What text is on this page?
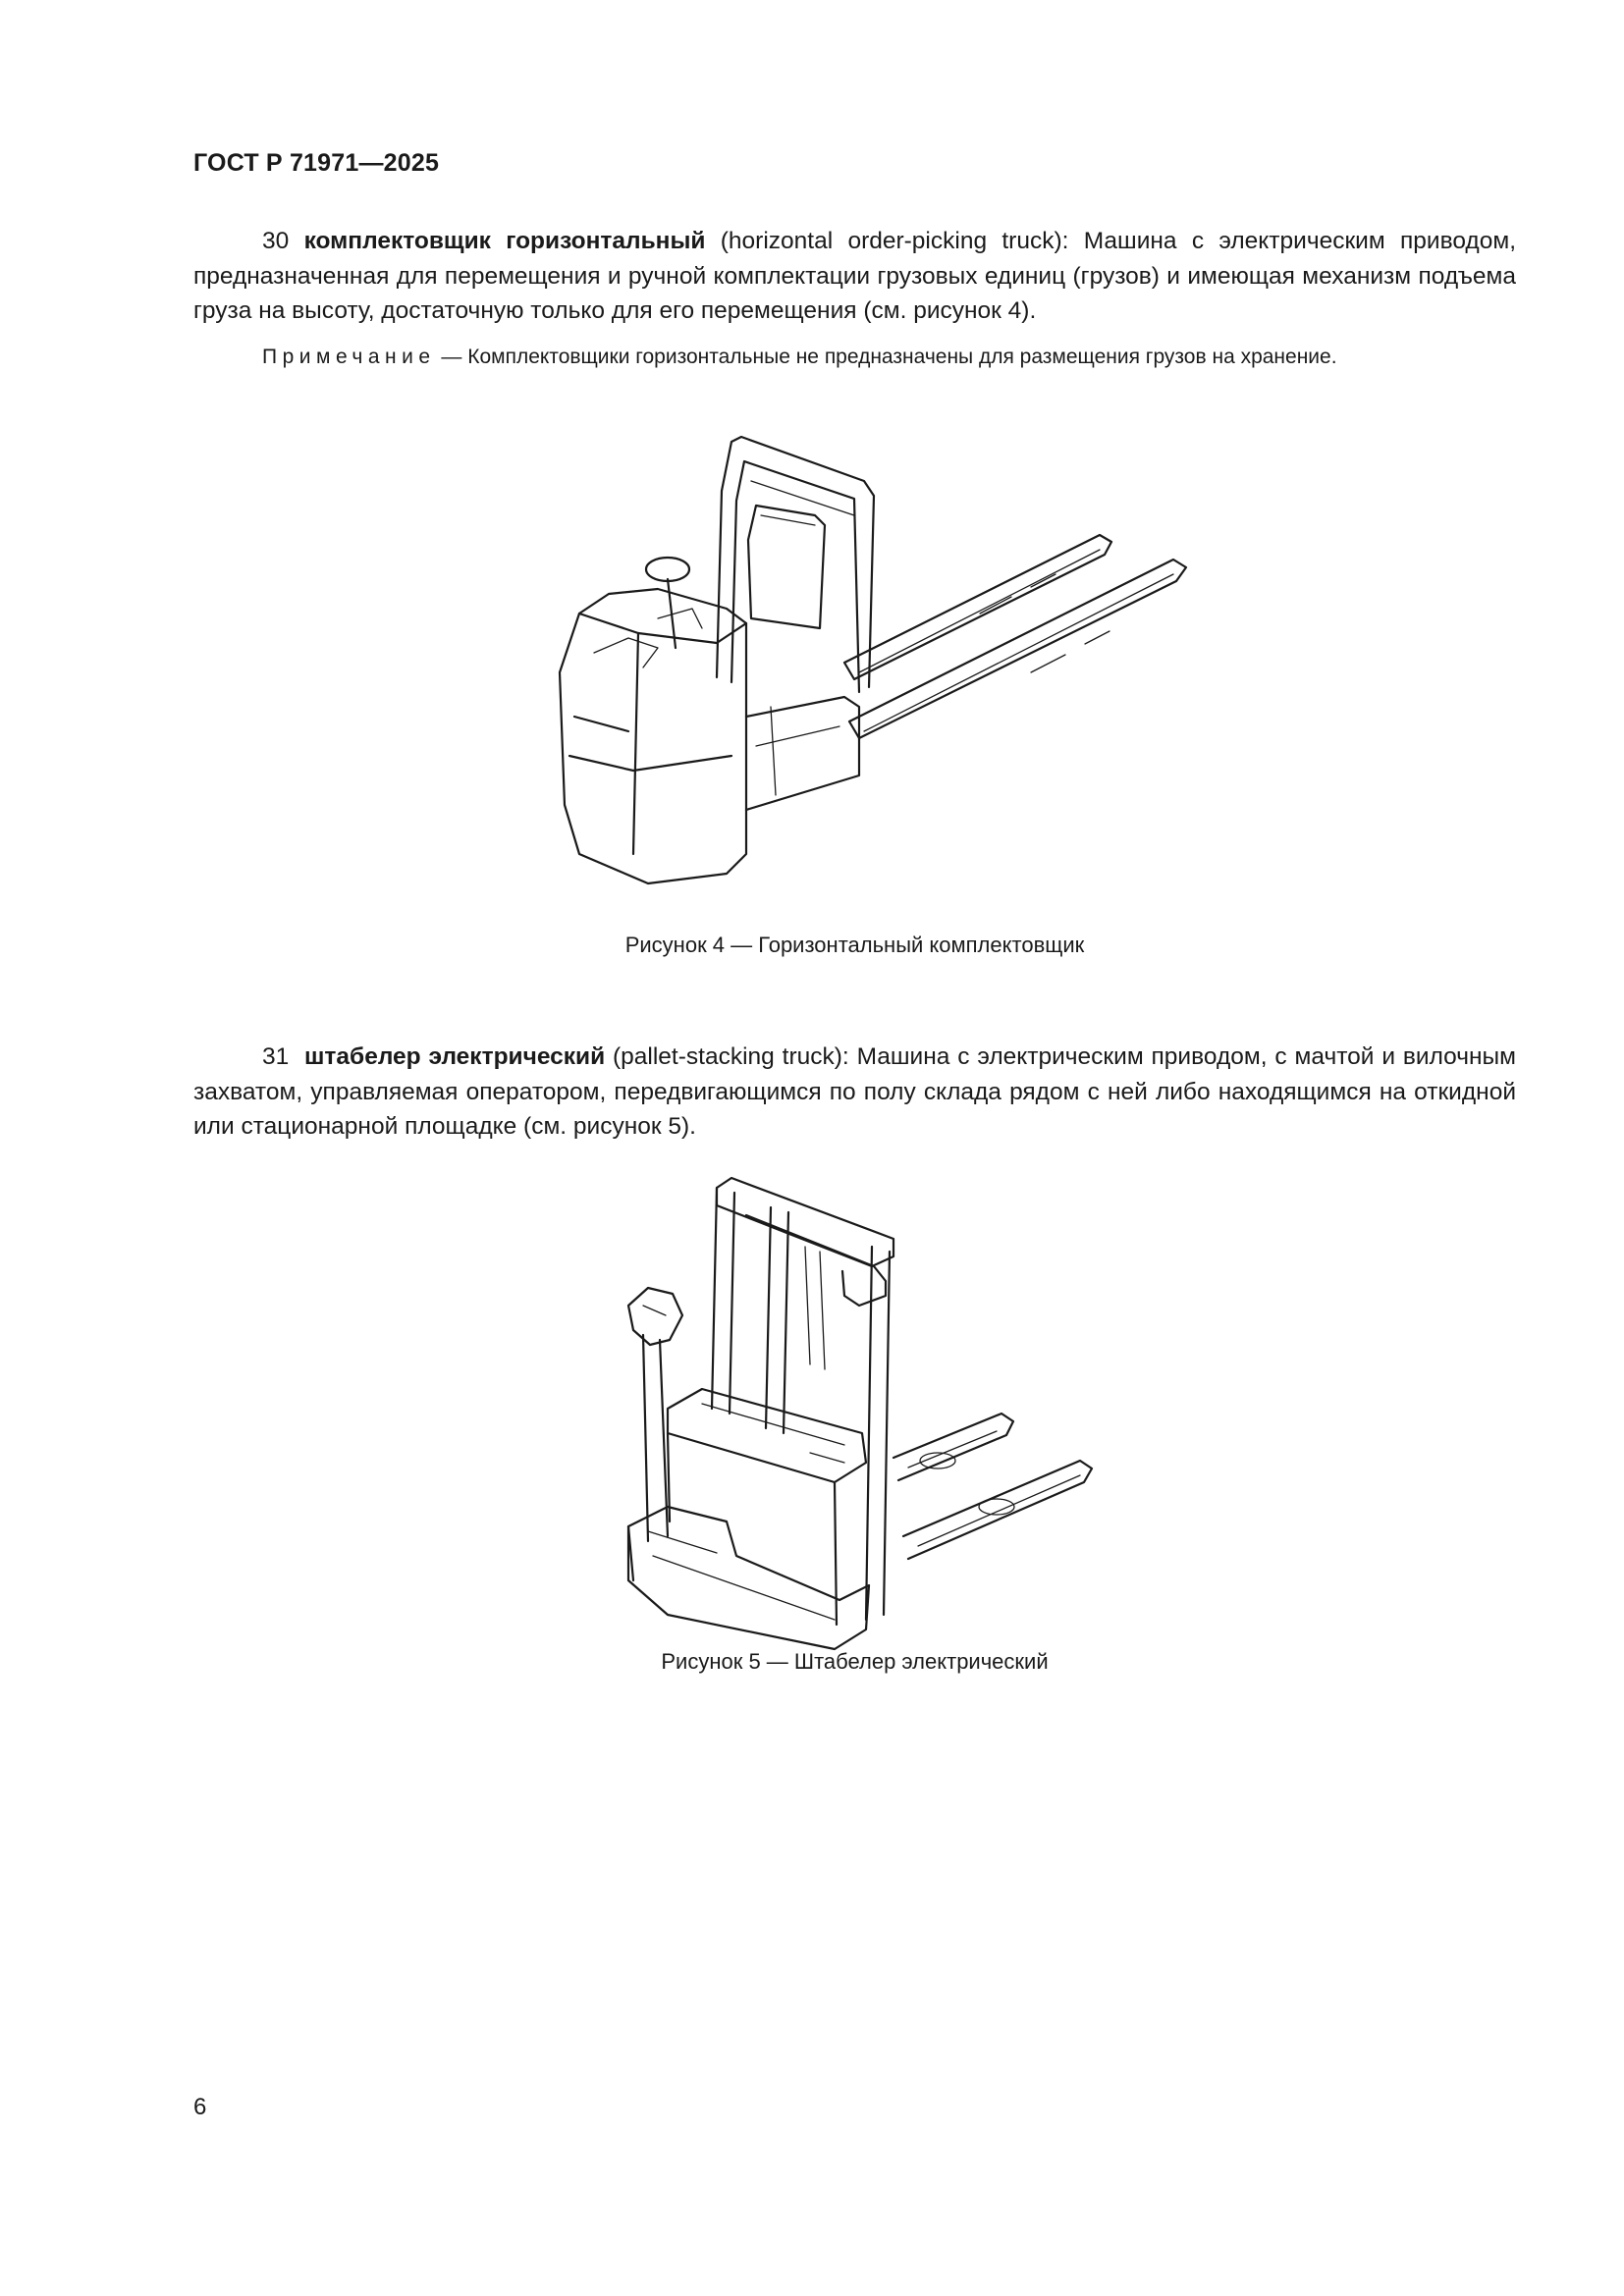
ГОСТ Р 71971—2025
30 комплектовщик горизонтальный (horizontal order-picking truck): Машина с электрическим приводом, предназначенная для перемещения и ручной комплектации грузовых единиц (грузов) и имеющая механизм подъема груза на высоту, достаточную только для его перемещения (см. рисунок 4).
Примечание — Комплектовщики горизонтальные не предназначены для размещения грузов на хранение.
Рисунок 4 — Горизонтальный комплектовщик
31 штабелер электрический (pallet-stacking truck): Машина с электрическим приводом, с мачтой и вилочным захватом, управляемая оператором, передвигающимся по полу склада рядом с ней либо находящимся на откидной или стационарной площадке (см. рисунок 5).
Рисунок 5 — Штабелер электрический
6
